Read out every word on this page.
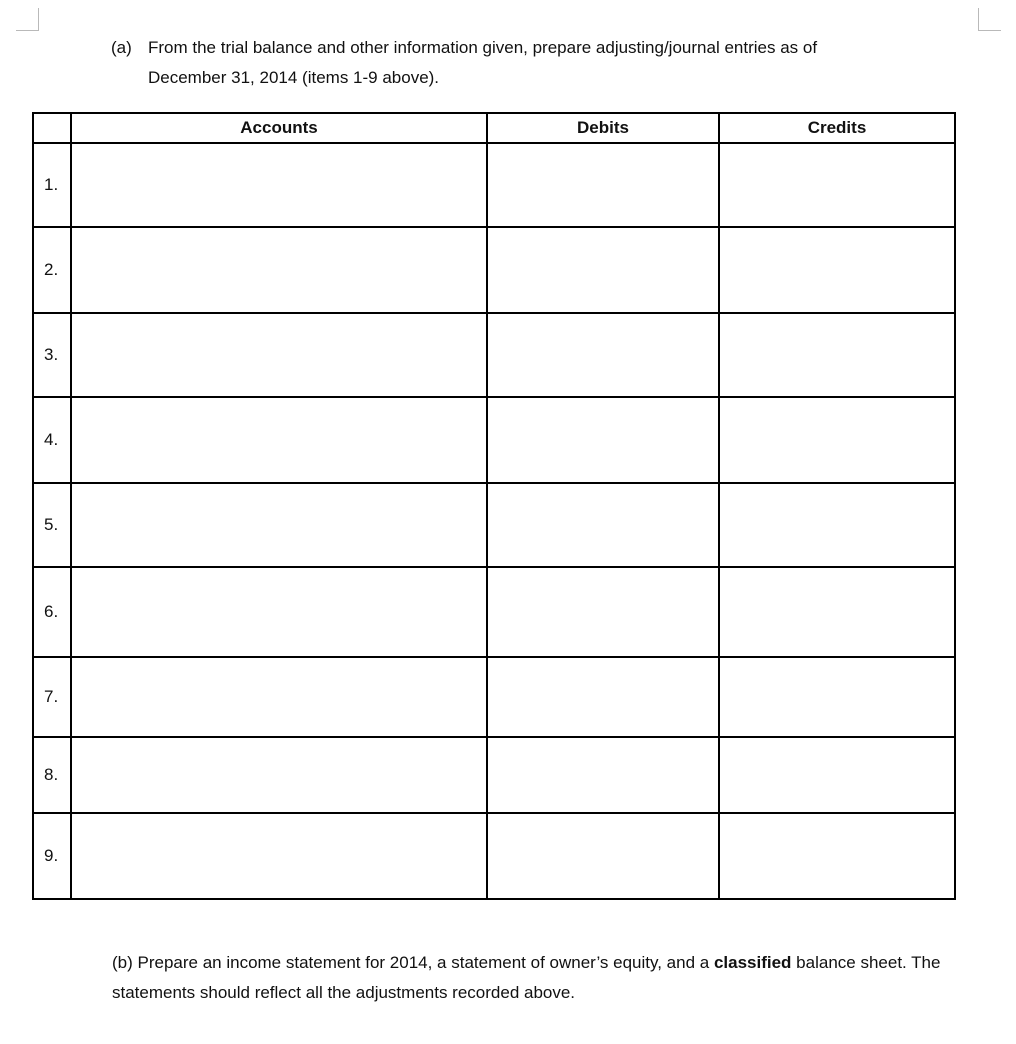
(a) From the trial balance and other information given, prepare adjusting/journal entries as of
December 31, 2014 (items 1-9 above).
	Accounts	Debits	Credits
1.			
2.			
3.			
4.			
5.			
6.			
7.			
8.			
9.			
(b) Prepare an income statement for 2014, a statement of owner’s equity, and a classified balance sheet. The statements should reflect all the adjustments recorded above.
